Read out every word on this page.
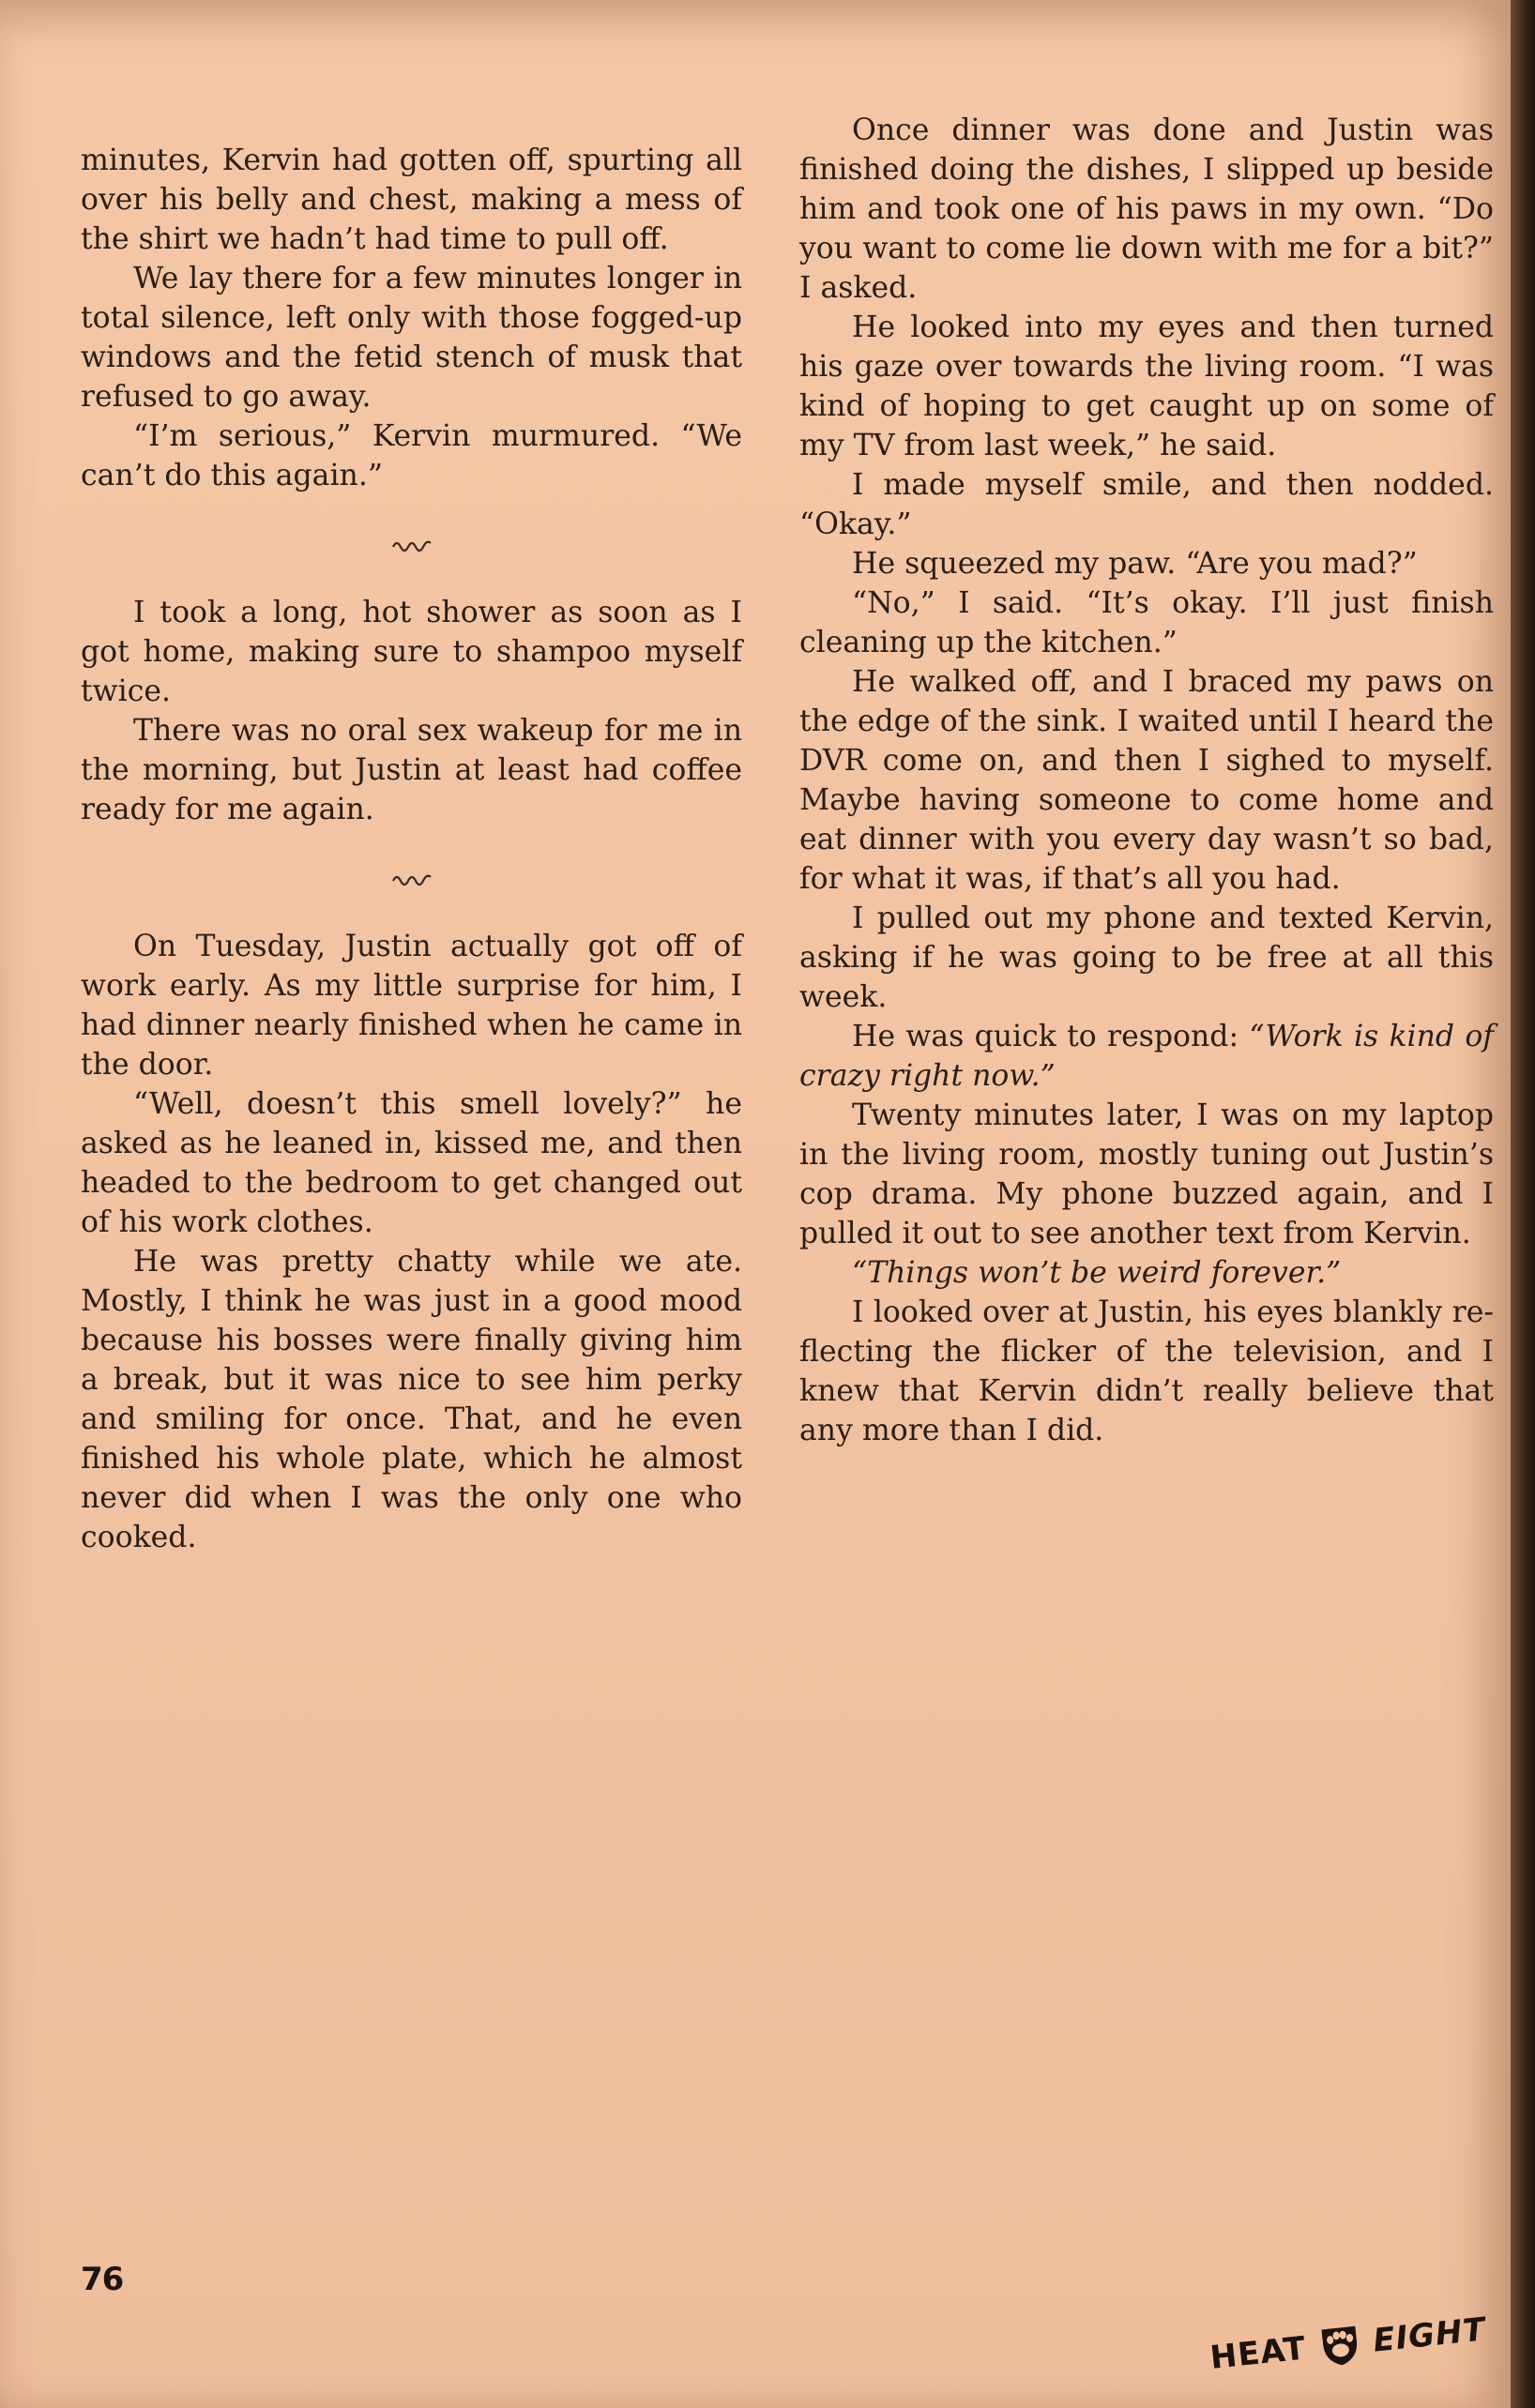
minutes, Kervin had gotten off, spurting all over his belly and chest, making a mess of the shirt we hadn’t had time to pull off.

We lay there for a few minutes longer in total silence, left only with those fogged-up windows and the fetid stench of musk that refused to go away.

“I’m serious,” Kervin murmured. “We can’t do this again.”

I took a long, hot shower as soon as I got home, making sure to shampoo myself twice.

There was no oral sex wakeup for me in the morning, but Justin at least had coffee ready for me again.

On Tuesday, Justin actually got off of work early. As my little surprise for him, I had dinner nearly finished when he came in the door.

“Well, doesn’t this smell lovely?” he asked as he leaned in, kissed me, and then headed to the bedroom to get changed out of his work clothes.

He was pretty chatty while we ate. Mostly, I think he was just in a good mood because his bosses were finally giving him a break, but it was nice to see him perky and smiling for once. That, and he even finished his whole plate, which he almost never did when I was the only one who cooked.

Once dinner was done and Justin was finished doing the dishes, I slipped up beside him and took one of his paws in my own. “Do you want to come lie down with me for a bit?” I asked.

He looked into my eyes and then turned his gaze over towards the living room. “I was kind of hoping to get caught up on some of my TV from last week,” he said.

I made myself smile, and then nodded. “Okay.”

He squeezed my paw. “Are you mad?”

“No,” I said. “It’s okay. I’ll just finish cleaning up the kitchen.”

He walked off, and I braced my paws on the edge of the sink. I waited until I heard the DVR come on, and then I sighed to myself. Maybe having someone to come home and eat dinner with you every day wasn’t so bad, for what it was, if that’s all you had.

I pulled out my phone and texted Kervin, asking if he was going to be free at all this week.

He was quick to respond: “Work is kind of crazy right now.”

Twenty minutes later, I was on my laptop in the living room, mostly tuning out Justin’s cop drama. My phone buzzed again, and I pulled it out to see another text from Kervin.

“Things won’t be weird forever.”

I looked over at Justin, his eyes blankly reflecting the flicker of the television, and I knew that Kervin didn’t really believe that any more than I did.

76
HEAT EIGHT
